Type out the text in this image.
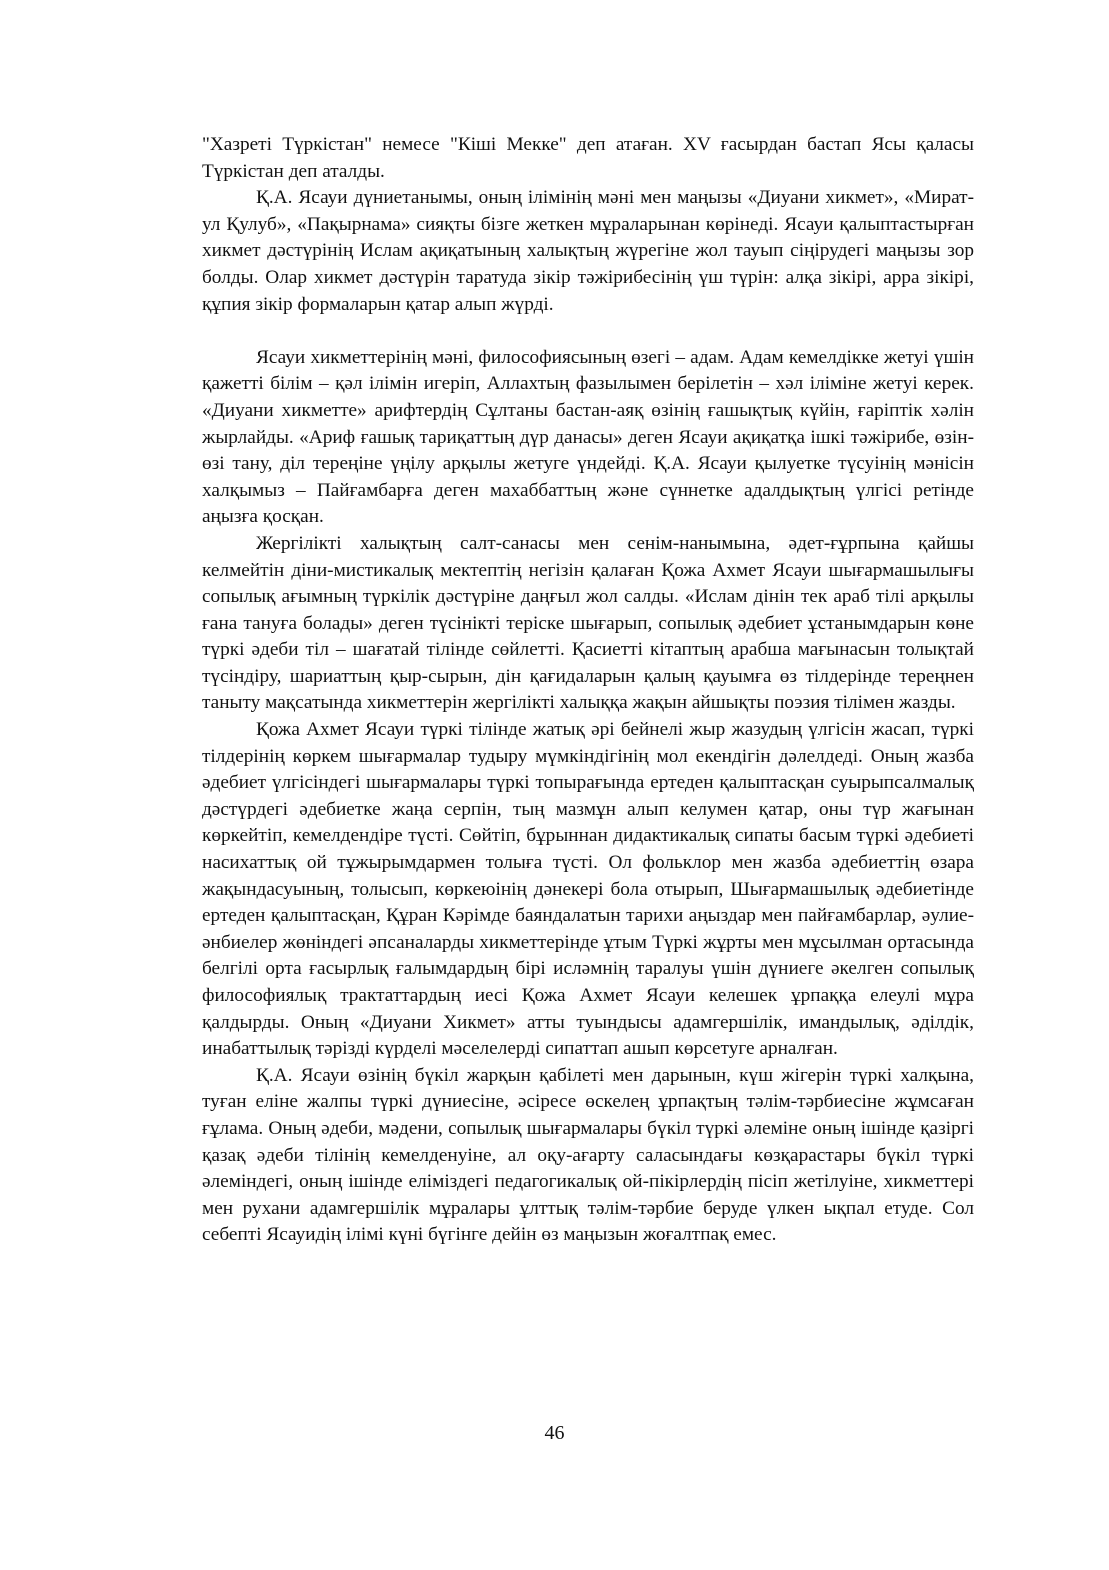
"Хазреті Түркістан" немесе "Кіші Мекке" деп атаған. XV ғасырдан бастап Ясы қаласы Түркістан деп аталды.

Қ.А. Ясауи дүниетанымы, оның ілімінің мәні мен маңызы «Диуани хикмет», «Мират-ул Қулуб», «Пақырнама» сияқты бізге жеткен мұраларынан көрінеді. Ясауи қалыптастырған хикмет дәстүрінің Ислам ақиқатының халықтың жүрегіне жол тауып сіңірудегі маңызы зор болды. Олар хикмет дәстүрін таратуда зікір тәжірибесінің үш түрін: алқа зікірі, арра зікірі, құпия зікір формаларын қатар алып жүрді.

Ясауи хикметтерінің мәні, философиясының өзегі – адам. Адам кемелдікке жетуі үшін қажетті білім – қәл ілімін игеріп, Аллахтың фазылымен берілетін – хәл іліміне жетуі керек. «Диуани хикметте» арифтердің Сұлтаны бастан-аяқ өзінің ғашықтық күйін, ғаріптік хәлін жырлайды. «Ариф ғашық тариқаттың дүр данасы» деген Ясауи ақиқатқа ішкі тәжірибе, өзін-өзі тану, діл тереңіне үңілу арқылы жетуге үндейді. Қ.А. Ясауи қылуетке түсуінің мәнісін халқымыз – Пайғамбарға деген махаббаттың және сүннетке адалдықтың үлгісі ретінде аңызға қосқан.

Жергілікті халықтың салт-санасы мен сенім-нанымына, әдет-ғұрпына қайшы келмейтін діни-мистикалық мектептің негізін қалаған Қожа Ахмет Ясауи шығармашылығы сопылық ағымның түркілік дәстүріне даңғыл жол салды. «Ислам дінін тек араб тілі арқылы ғана тануға болады» деген түсінікті теріске шығарып, сопылық әдебиет ұстанымдарын көне түркі әдеби тіл – шағатай тілінде сөйлетті. Қасиетті кітаптың арабша мағынасын толықтай түсіндіру, шариаттың қыр-сырын, дін қағидаларын қалың қауымға өз тілдерінде тереңнен таныту мақсатында хикметтерін жергілікті халыққа жақын айшықты поэзия тілімен жазды.

Қожа Ахмет Ясауи түркі тілінде жатық әрі бейнелі жыр жазудың үлгісін жасап, түркі тілдерінің көркем шығармалар тудыру мүмкіндігінің мол екендігін дәлелдеді. Оның жазба әдебиет үлгісіндегі шығармалары түркі топырағында ертеден қалыптасқан суырыпсалмалық дәстүрдегі әдебиетке жаңа серпін, тың мазмұн алып келумен қатар, оны түр жағынан көркейтіп, кемелдендіре түсті. Сөйтіп, бұрыннан дидактикалық сипаты басым түркі әдебиеті насихаттық ой тұжырымдармен толыға түсті. Ол фольклор мен жазба әдебиеттің өзара жақындасуының, толысып, көркеюінің дәнекері бола отырып, Шығармашылық әдебиетінде ертеден қалыптасқан, Құран Кәрімде баяндалатын тарихи аңыздар мен пайғамбарлар, әулие-әнбиелер жөніндегі әпсаналарды хикметтерінде ұтым Түркі жұрты мен мұсылман ортасында белгілі орта ғасырлық ғалымдардың бірі исләмнің таралуы үшін дүниеге әкелген сопылық философиялық трактаттардың иесі Қожа Ахмет Ясауи келешек ұрпаққа елеулі мұра қалдырды. Оның «Диуани Хикмет» атты туындысы адамгершілік, имандылық, әділдік, инабаттылық тәрізді күрделі мәселелерді сипаттап ашып көрсетуге арналған.

Қ.А. Ясауи өзінің бүкіл жарқын қабілеті мен дарынын, күш жігерін түркі халқына, туған еліне жалпы түркі дүниесіне, әсіресе өскелең ұрпақтың тәлім-тәрбиесіне жұмсаған ғұлама. Оның әдеби, мәдени, сопылық шығармалары бүкіл түркі әлеміне оның ішінде қазіргі қазақ әдеби тілінің кемелденуіне, ал оқу-ағарту саласындағы көзқарастары бүкіл түркі әлеміндегі, оның ішінде еліміздегі педагогикалық ой-пікірлердің пісіп жетілуіне, хикметтері мен рухани адамгершілік мұралары ұлттық тәлім-тәрбие беруде үлкен ықпал етуде. Сол себепті Ясауидің ілімі күні бүгінге дейін өз маңызын жоғалтпақ емес.

46
